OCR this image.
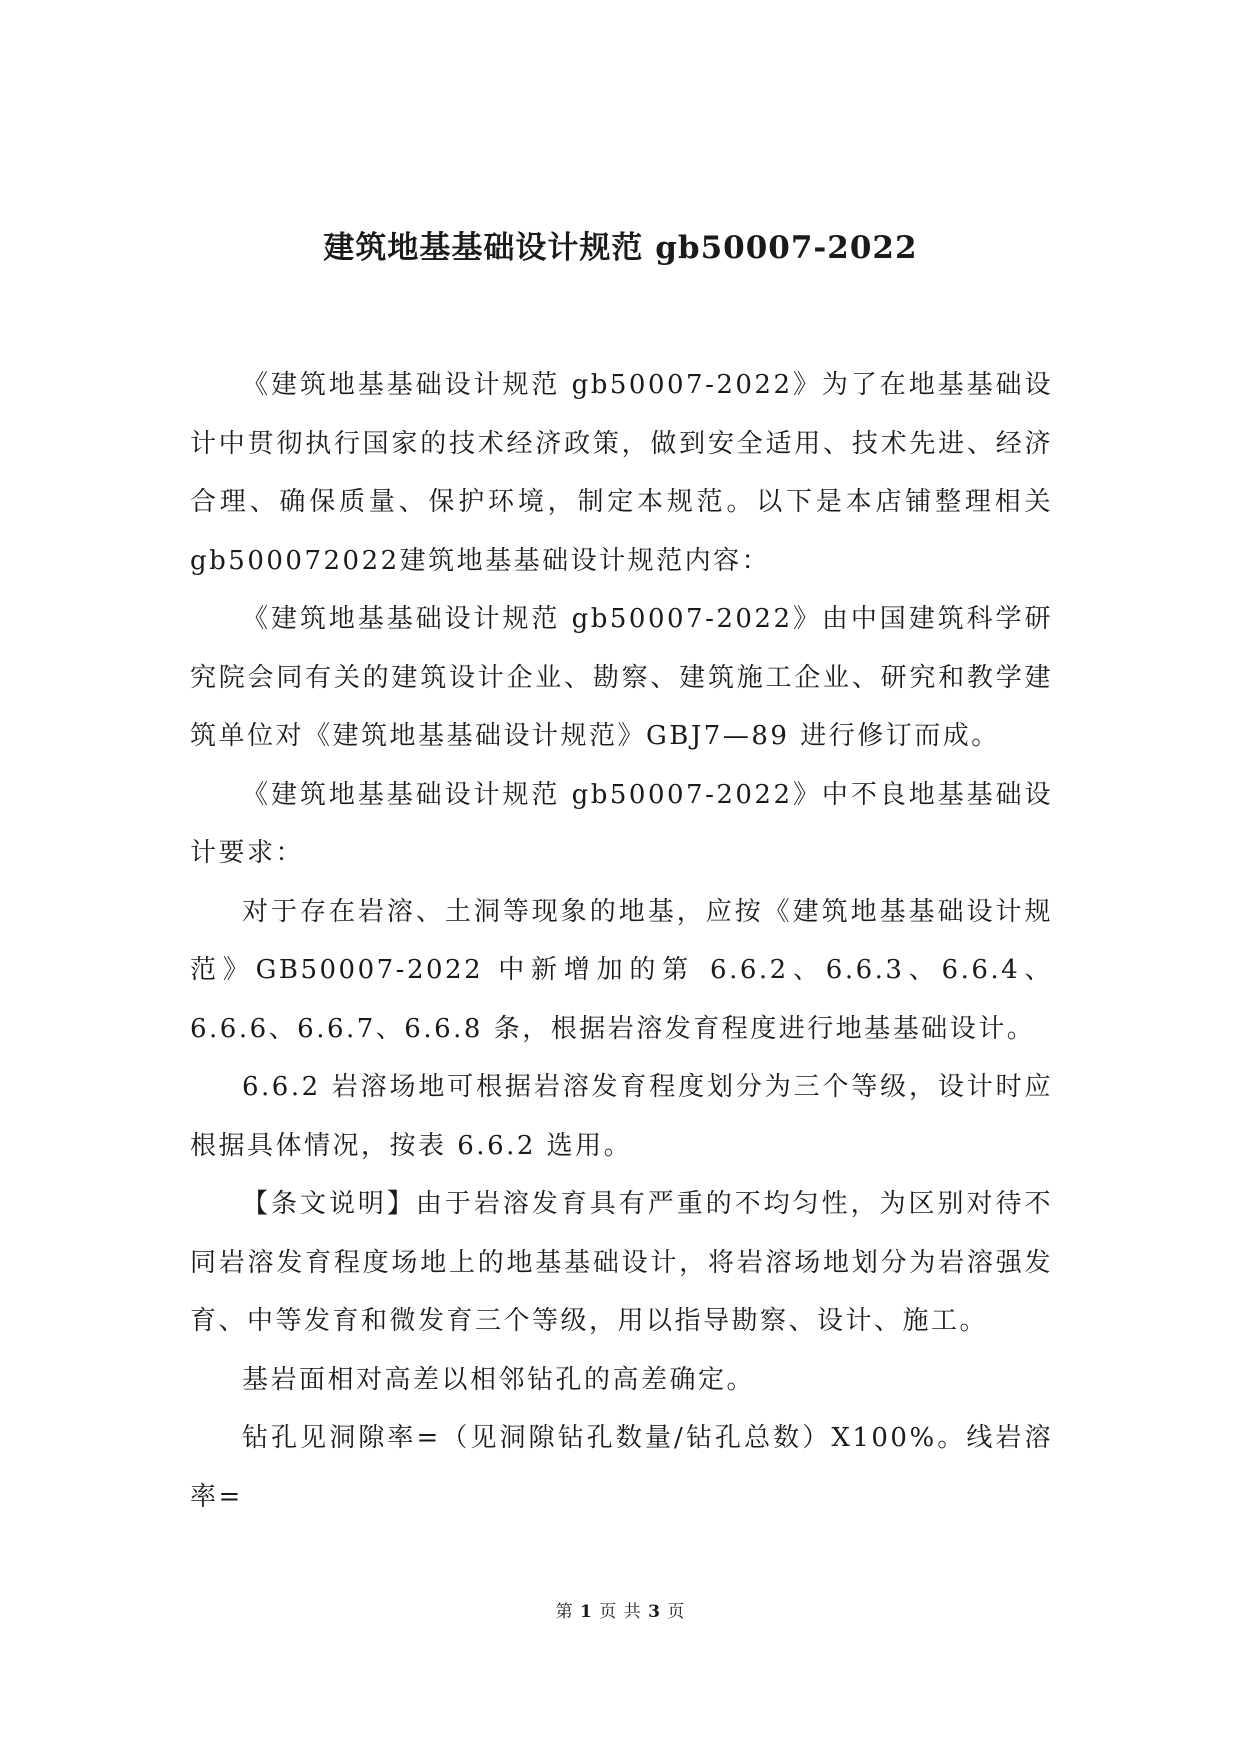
建筑地基基础设计规范 gb50007-2022

《建筑地基基础设计规范 gb50007-2022》为了在地基基础设计中贯彻执行国家的技术经济政策，做到安全适用、技术先进、经济合理、确保质量、保护环境，制定本规范。以下是本店铺整理相关gb500072022建筑地基基础设计规范内容：

《建筑地基基础设计规范 gb50007-2022》由中国建筑科学研究院会同有关的建筑设计企业、勘察、建筑施工企业、研究和教学建筑单位对《建筑地基基础设计规范》GBJ7—89 进行修订而成。

《建筑地基基础设计规范 gb50007-2022》中不良地基基础设计要求：

对于存在岩溶、土洞等现象的地基，应按《建筑地基基础设计规范》GB50007-2022 中新增加的第 6.6.2、6.6.3、6.6.4、6.6.6、6.6.7、6.6.8 条，根据岩溶发育程度进行地基基础设计。

6.6.2 岩溶场地可根据岩溶发育程度划分为三个等级，设计时应根据具体情况，按表 6.6.2 选用。

【条文说明】由于岩溶发育具有严重的不均匀性，为区别对待不同岩溶发育程度场地上的地基基础设计，将岩溶场地划分为岩溶强发育、中等发育和微发育三个等级，用以指导勘察、设计、施工。

基岩面相对高差以相邻钻孔的高差确定。

钻孔见洞隙率=（见洞隙钻孔数量/钻孔总数）X100%。线岩溶率=

第 1 页 共 3 页
